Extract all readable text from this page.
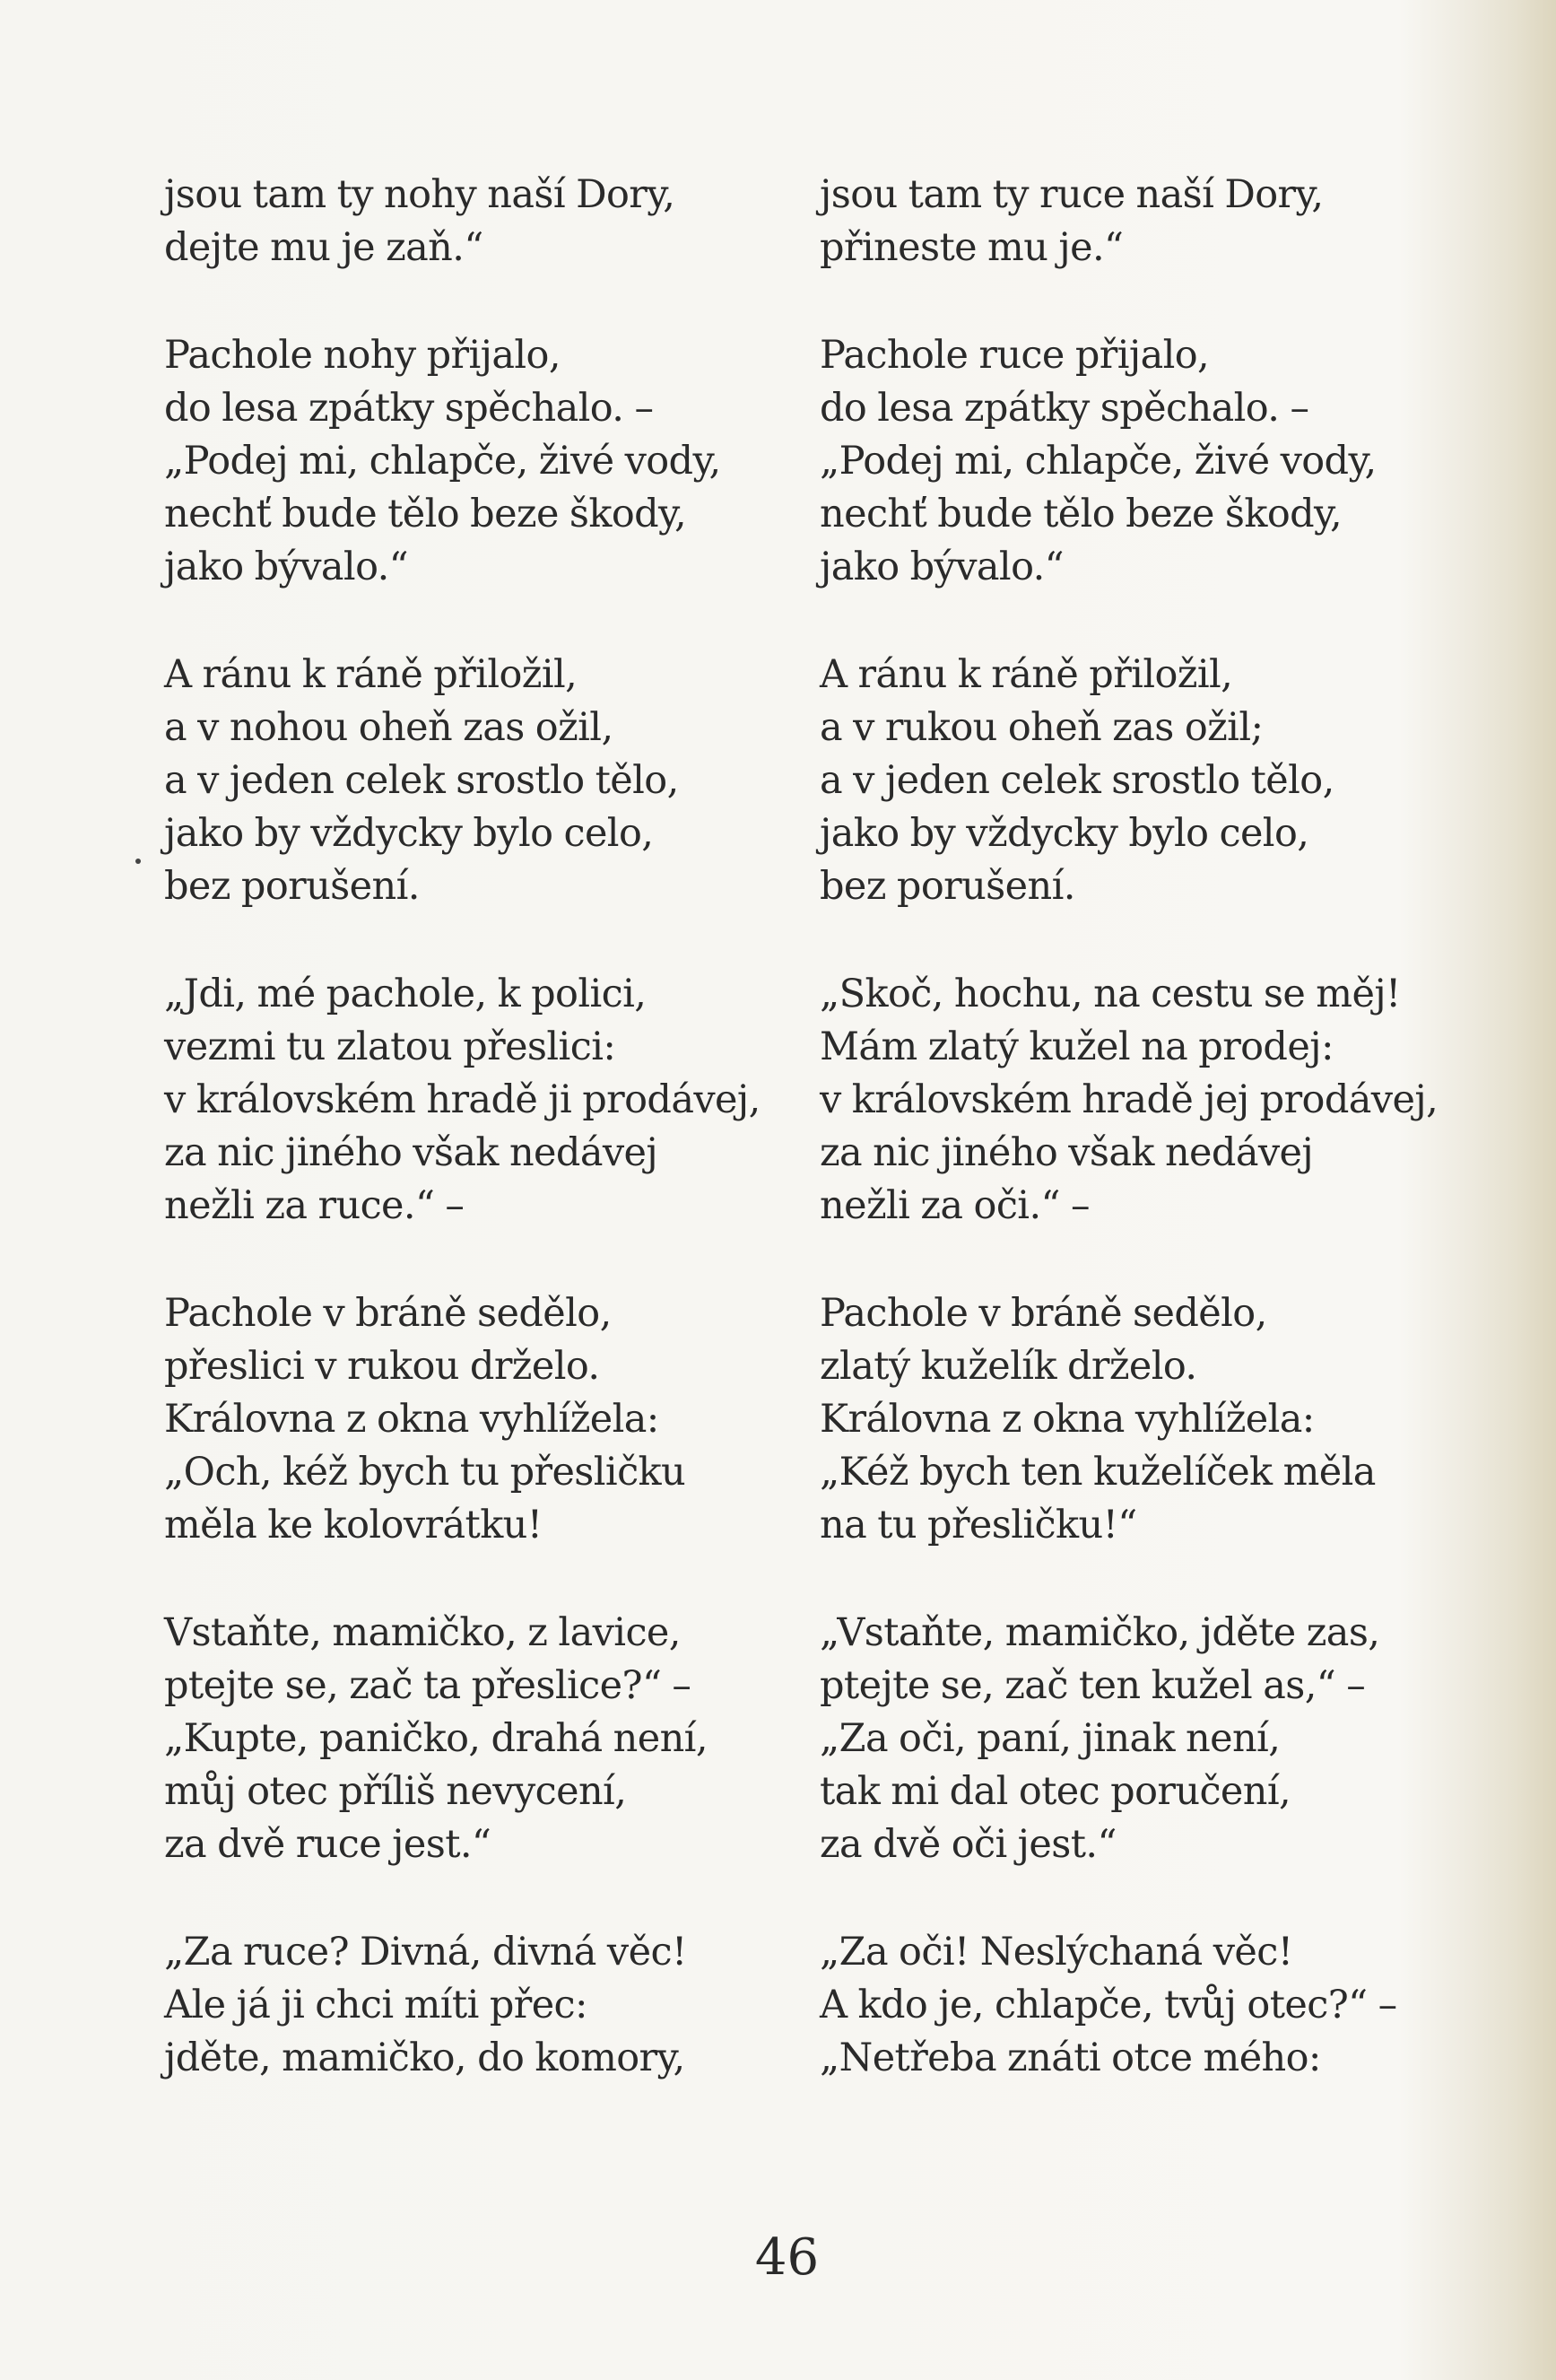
jsou tam ty nohy naší Dory,
dejte mu je zaň.“
Pachole nohy přijalo,
do lesa zpátky spěchalo. –
„Podej mi, chlapče, živé vody,
nechť bude tělo beze škody,
jako bývalo.“
A ránu k ráně přiložil,
a v nohou oheň zas ožil,
a v jeden celek srostlo tělo,
jako by vždycky bylo celo,
bez porušení.
„Jdi, mé pachole, k polici,
vezmi tu zlatou přeslici:
v královském hradě ji prodávej,
za nic jiného však nedávej
nežli za ruce.“ –
Pachole v bráně sedělo,
přeslici v rukou drželo.
Královna z okna vyhlížela:
„Och, kéž bych tu přesličku
měla ke kolovrátku!
Vstaňte, mamičko, z lavice,
ptejte se, zač ta přeslice?“ –
„Kupte, paničko, drahá není,
můj otec příliš nevycení,
za dvě ruce jest.“
„Za ruce? Divná, divná věc!
Ale já ji chci míti přec:
jděte, mamičko, do komory,
jsou tam ty ruce naší Dory,
přineste mu je.“
Pachole ruce přijalo,
do lesa zpátky spěchalo. –
„Podej mi, chlapče, živé vody,
nechť bude tělo beze škody,
jako bývalo.“
A ránu k ráně přiložil,
a v rukou oheň zas ožil;
a v jeden celek srostlo tělo,
jako by vždycky bylo celo,
bez porušení.
„Skoč, hochu, na cestu se měj!
Mám zlatý kužel na prodej:
v královském hradě jej prodávej,
za nic jiného však nedávej
nežli za oči.“ –
Pachole v bráně sedělo,
zlatý kuželík drželo.
Královna z okna vyhlížela:
„Kéž bych ten kuželíček měla
na tu přesličku!“
„Vstaňte, mamičko, jděte zas,
ptejte se, zač ten kužel as,“ –
„Za oči, paní, jinak není,
tak mi dal otec poručení,
za dvě oči jest.“
„Za oči! Neslýchaná věc!
A kdo je, chlapče, tvůj otec?“ –
„Netřeba znáti otce mého:
46
